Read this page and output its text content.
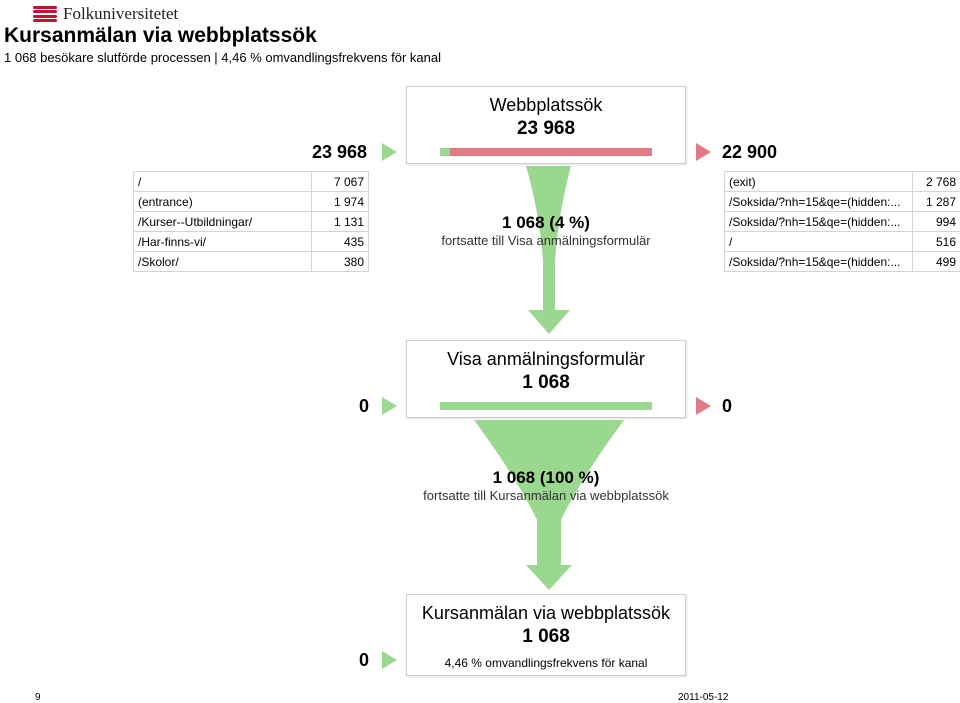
Folkuniversitetet
Kursanmälan via webbplatssök
1 068 besökare slutförde processen | 4,46 % omvandlingsfrekvens för kanal
Webbplatssök
23 968
23 968	22 900
/	7 067
(entrance)	1 974
/Kurser--Utbildningar/	1 131
/Har-finns-vi/	435
/Skolor/	380
(exit)	2 768
/Soksida/?nh=15&qe=(hidden:...	1 287
/Soksida/?nh=15&qe=(hidden:...	994
/	516
/Soksida/?nh=15&qe=(hidden:...	499
1 068 (4 %)
fortsatte till Visa anmälningsformulär
Visa anmälningsformulär
1 068
0	0
1 068 (100 %)
fortsatte till Kursanmälan via webbplatssök
Kursanmälan via webbplatssök
1 068
4,46 % omvandlingsfrekvens för kanal
0
9	2011-05-12
